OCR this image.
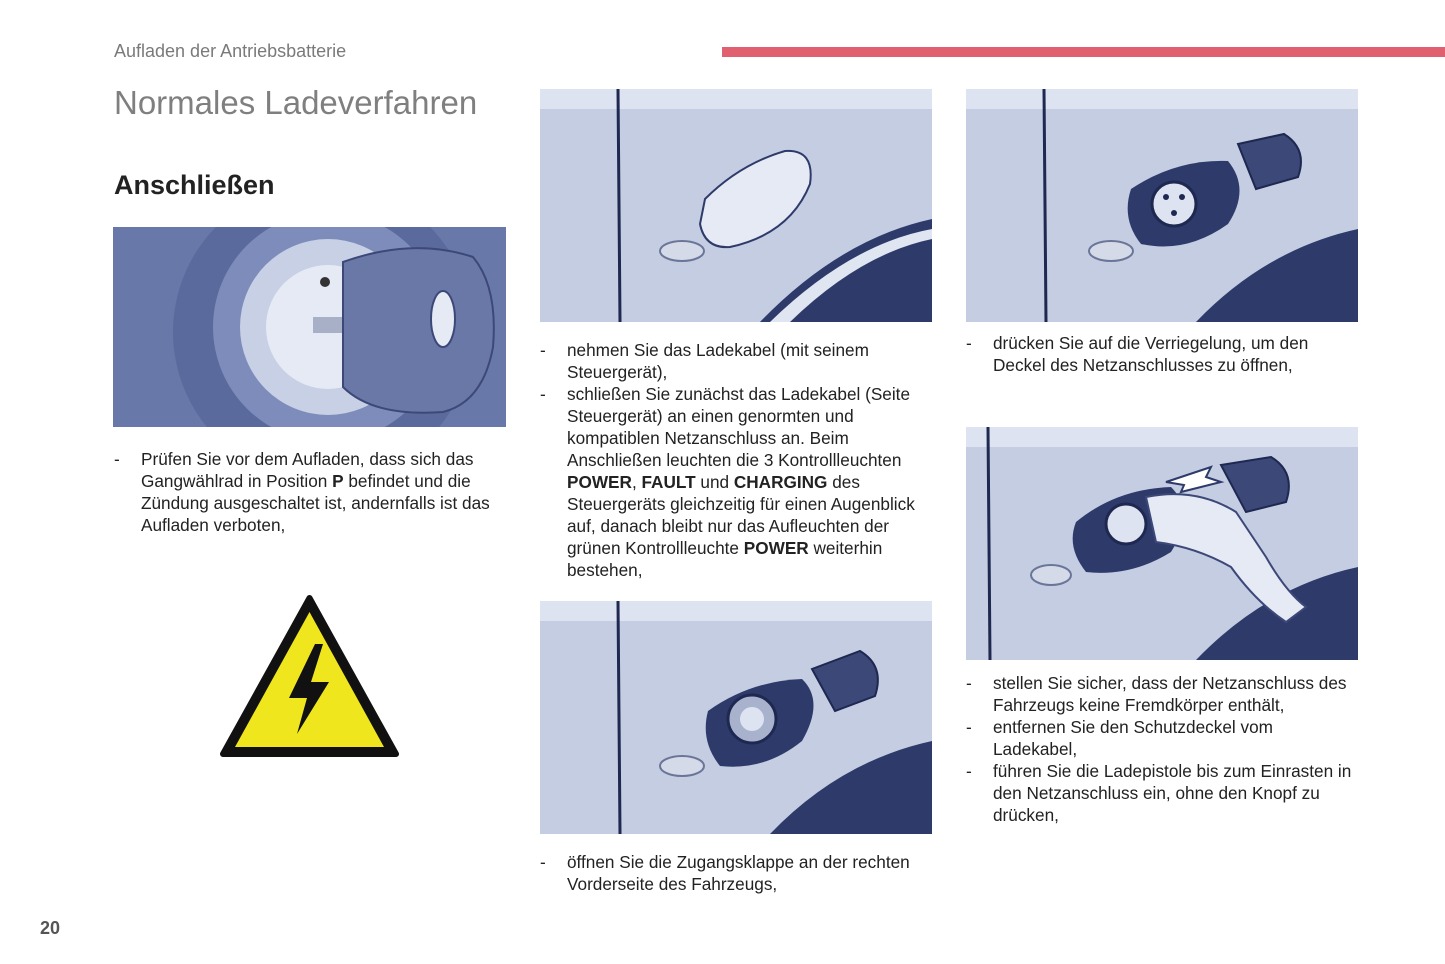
Aufladen der Antriebsbatterie
Normales Ladeverfahren
Anschließen

- Prüfen Sie vor dem Aufladen, dass sich das Gangwählrad in Position P befindet und die Zündung ausgeschaltet ist, andernfalls ist das Aufladen verboten,

- nehmen Sie das Ladekabel (mit seinem Steuergerät),

- schließen Sie zunächst das Ladekabel (Seite Steuergerät) an einen genormten und kompatiblen Netzanschluss an. Beim Anschließen leuchten die 3 Kontrollleuchten POWER, FAULT und CHARGING des Steuergeräts gleichzeitig für einen Augenblick auf, danach bleibt nur das Aufleuchten der grünen Kontrollleuchte POWER weiterhin bestehen,

- öffnen Sie die Zugangsklappe an der rechten Vorderseite des Fahrzeugs,

- drücken Sie auf die Verriegelung, um den Deckel des Netzanschlusses zu öffnen,

- stellen Sie sicher, dass der Netzanschluss des Fahrzeugs keine Fremdkörper enthält,

- entfernen Sie den Schutzdeckel vom Ladekabel,

- führen Sie die Ladepistole bis zum Einrasten in den Netzanschluss ein, ohne den Knopf zu drücken,

20
